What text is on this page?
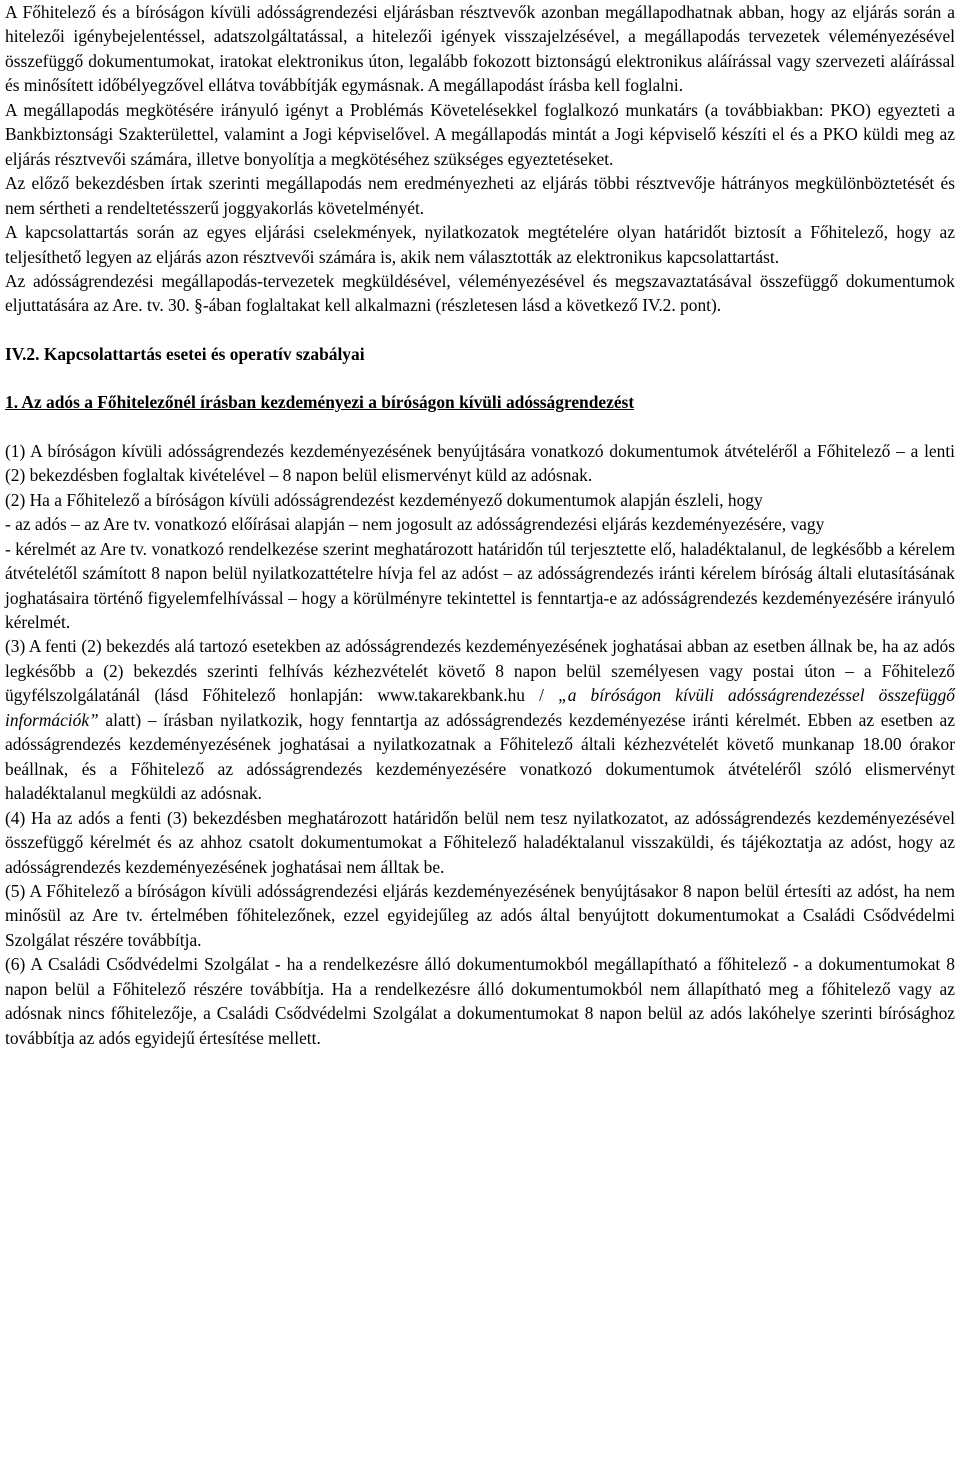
A Főhitelező és a bíróságon kívüli adósságrendezési eljárásban résztvevők azonban megállapodhatnak abban, hogy az eljárás során a hitelezői igénybejelentéssel, adatszolgáltatással, a hitelezői igények visszajelzésével, a megállapodás tervezetek véleményezésével összefüggő dokumentumokat, iratokat elektronikus úton, legalább fokozott biztonságú elektronikus aláírással vagy szervezeti aláírással és minősített időbélyegzővel ellátva továbbítják egymásnak. A megállapodást írásba kell foglalni.

A megállapodás megkötésére irányuló igényt a Problémás Követelésekkel foglalkozó munkatárs (a továbbiakban: PKO) egyezteti a Bankbiztonsági Szakterülettel, valamint a Jogi képviselővel. A megállapodás mintát a Jogi képviselő készíti el és a PKO küldi meg az eljárás résztvevői számára, illetve bonyolítja a megkötéséhez szükséges egyeztetéseket.

Az előző bekezdésben írtak szerinti megállapodás nem eredményezheti az eljárás többi résztvevője hátrányos megkülönböztetését és nem sértheti a rendeltetésszerű joggyakorlás követelményét.

A kapcsolattartás során az egyes eljárási cselekmények, nyilatkozatok megtételére olyan határidőt biztosít a Főhitelező, hogy az teljesíthető legyen az eljárás azon résztvevői számára is, akik nem választották az elektronikus kapcsolattartást.

Az adósságrendezési megállapodás-tervezetek megküldésével, véleményezésével és megszavaztatásával összefüggő dokumentumok eljuttatására az Are. tv. 30. §-ában foglaltakat kell alkalmazni (részletesen lásd a következő IV.2. pont).

IV.2. Kapcsolattartás esetei és operatív szabályai

1. Az adós a Főhitelezőnél írásban kezdeményezi a bíróságon kívüli adósságrendezést

(1) A bíróságon kívüli adósságrendezés kezdeményezésének benyújtására vonatkozó dokumentumok átvételéről a Főhitelező – a lenti (2) bekezdésben foglaltak kivételével – 8 napon belül elismervényt küld az adósnak.

(2) Ha a Főhitelező a bíróságon kívüli adósságrendezést kezdeményező dokumentumok alapján észleli, hogy

- az adós – az Are tv. vonatkozó előírásai alapján – nem jogosult az adósságrendezési eljárás kezdeményezésére, vagy

- kérelmét az Are tv. vonatkozó rendelkezése szerint meghatározott határidőn túl terjesztette elő, haladéktalanul, de legkésőbb a kérelem átvételétől számított 8 napon belül nyilatkozattételre hívja fel az adóst – az adósságrendezés iránti kérelem bíróság általi elutasításának joghatásaira történő figyelemfelhívással – hogy a körülményre tekintettel is fenntartja-e az adósságrendezés kezdeményezésére irányuló kérelmét.

(3) A fenti (2) bekezdés alá tartozó esetekben az adósságrendezés kezdeményezésének joghatásai abban az esetben állnak be, ha az adós legkésőbb a (2) bekezdés szerinti felhívás kézhezvételét követő 8 napon belül személyesen vagy postai úton – a Főhitelező ügyfélszolgálatánál (lásd Főhitelező honlapján: www.takarekbank.hu / „a bíróságon kívüli adósságrendezéssel összefüggő információk” alatt) – írásban nyilatkozik, hogy fenntartja az adósságrendezés kezdeményezése iránti kérelmét. Ebben az esetben az adósságrendezés kezdeményezésének joghatásai a nyilatkozatnak a Főhitelező általi kézhezvételét követő munkanap 18.00 órakor beállnak, és a Főhitelező az adósságrendezés kezdeményezésére vonatkozó dokumentumok átvételéről szóló elismervényt haladéktalanul megküldi az adósnak.

(4) Ha az adós a fenti (3) bekezdésben meghatározott határidőn belül nem tesz nyilatkozatot, az adósságrendezés kezdeményezésével összefüggő kérelmét és az ahhoz csatolt dokumentumokat a Főhitelező haladéktalanul visszaküldi, és tájékoztatja az adóst, hogy az adósságrendezés kezdeményezésének joghatásai nem álltak be.

(5) A Főhitelező a bíróságon kívüli adósságrendezési eljárás kezdeményezésének benyújtásakor 8 napon belül értesíti az adóst, ha nem minősül az Are tv. értelmében főhitelezőnek, ezzel egyidejűleg az adós által benyújtott dokumentumokat a Családi Csődvédelmi Szolgálat részére továbbítja.

(6) A Családi Csődvédelmi Szolgálat - ha a rendelkezésre álló dokumentumokból megállapítható a főhitelező - a dokumentumokat 8 napon belül a Főhitelező részére továbbítja. Ha a rendelkezésre álló dokumentumokból nem állapítható meg a főhitelező vagy az adósnak nincs főhitelezője, a Családi Csődvédelmi Szolgálat a dokumentumokat 8 napon belül az adós lakóhelye szerinti bírósághoz továbbítja az adós egyidejű értesítése mellett.
